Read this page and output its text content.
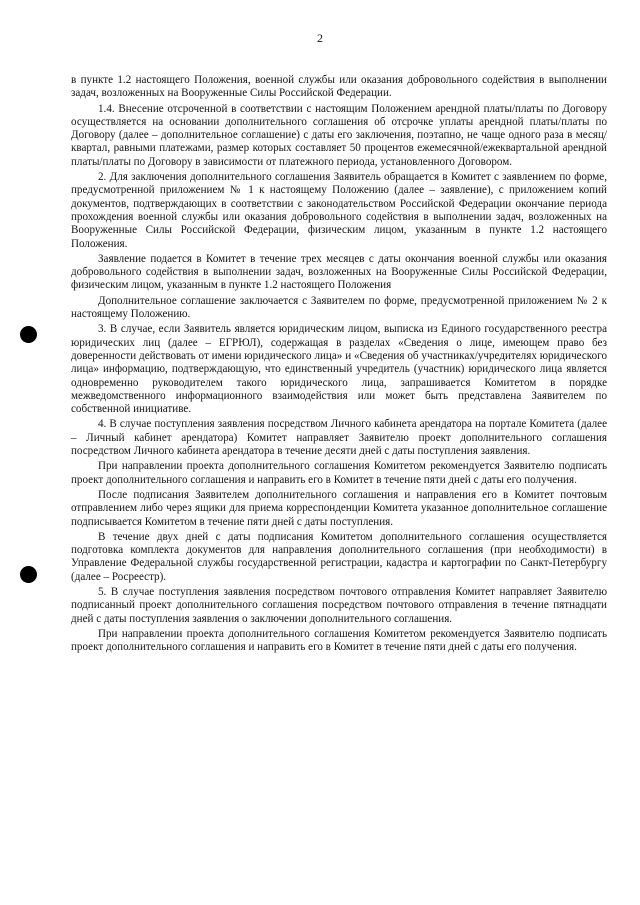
2

в пункте 1.2 настоящего Положения, военной службы или оказания добровольного содействия в выполнении задач, возложенных на Вооруженные Силы Российской Федерации.

1.4. Внесение отсроченной в соответствии с настоящим Положением арендной платы/платы по Договору осуществляется на основании дополнительного соглашения об отсрочке уплаты арендной платы/платы по Договору (далее – дополнительное соглашение) с даты его заключения, поэтапно, не чаще одного раза в месяц/квартал, равными платежами, размер которых составляет 50 процентов ежемесячной/ежеквартальной арендной платы/платы по Договору в зависимости от платежного периода, установленного Договором.

2. Для заключения дополнительного соглашения Заявитель обращается в Комитет с заявлением по форме, предусмотренной приложением № 1 к настоящему Положению (далее – заявление), с приложением копий документов, подтверждающих в соответствии с законодательством Российской Федерации окончание периода прохождения военной службы или оказания добровольного содействия в выполнении задач, возложенных на Вооруженные Силы Российской Федерации, физическим лицом, указанным в пункте 1.2 настоящего Положения.

Заявление подается в Комитет в течение трех месяцев с даты окончания военной службы или оказания добровольного содействия в выполнении задач, возложенных на Вооруженные Силы Российской Федерации, физическим лицом, указанным в пункте 1.2 настоящего Положения

Дополнительное соглашение заключается с Заявителем по форме, предусмотренной приложением № 2 к настоящему Положению.

3. В случае, если Заявитель является юридическим лицом, выписка из Единого государственного реестра юридических лиц (далее – ЕГРЮЛ), содержащая в разделах «Сведения о лице, имеющем право без доверенности действовать от имени юридического лица» и «Сведения об участниках/учредителях юридического лица» информацию, подтверждающую, что единственный учредитель (участник) юридического лица является одновременно руководителем такого юридического лица, запрашивается Комитетом в порядке межведомственного информационного взаимодействия или может быть представлена Заявителем по собственной инициативе.

4. В случае поступления заявления посредством Личного кабинета арендатора на портале Комитета (далее – Личный кабинет арендатора) Комитет направляет Заявителю проект дополнительного соглашения посредством Личного кабинета арендатора в течение десяти дней с даты поступления заявления.

При направлении проекта дополнительного соглашения Комитетом рекомендуется Заявителю подписать проект дополнительного соглашения и направить его в Комитет в течение пяти дней с даты его получения.

После подписания Заявителем дополнительного соглашения и направления его в Комитет почтовым отправлением либо через ящики для приема корреспонденции Комитета указанное дополнительное соглашение подписывается Комитетом в течение пяти дней с даты поступления.

В течение двух дней с даты подписания Комитетом дополнительного соглашения осуществляется подготовка комплекта документов для направления дополнительного соглашения (при необходимости) в Управление Федеральной службы государственной регистрации, кадастра и картографии по Санкт-Петербургу (далее – Росреестр).

5. В случае поступления заявления посредством почтового отправления Комитет направляет Заявителю подписанный проект дополнительного соглашения посредством почтового отправления в течение пятнадцати дней с даты поступления заявления о заключении дополнительного соглашения.

При направлении проекта дополнительного соглашения Комитетом рекомендуется Заявителю подписать проект дополнительного соглашения и направить его в Комитет в течение пяти дней с даты его получения.
